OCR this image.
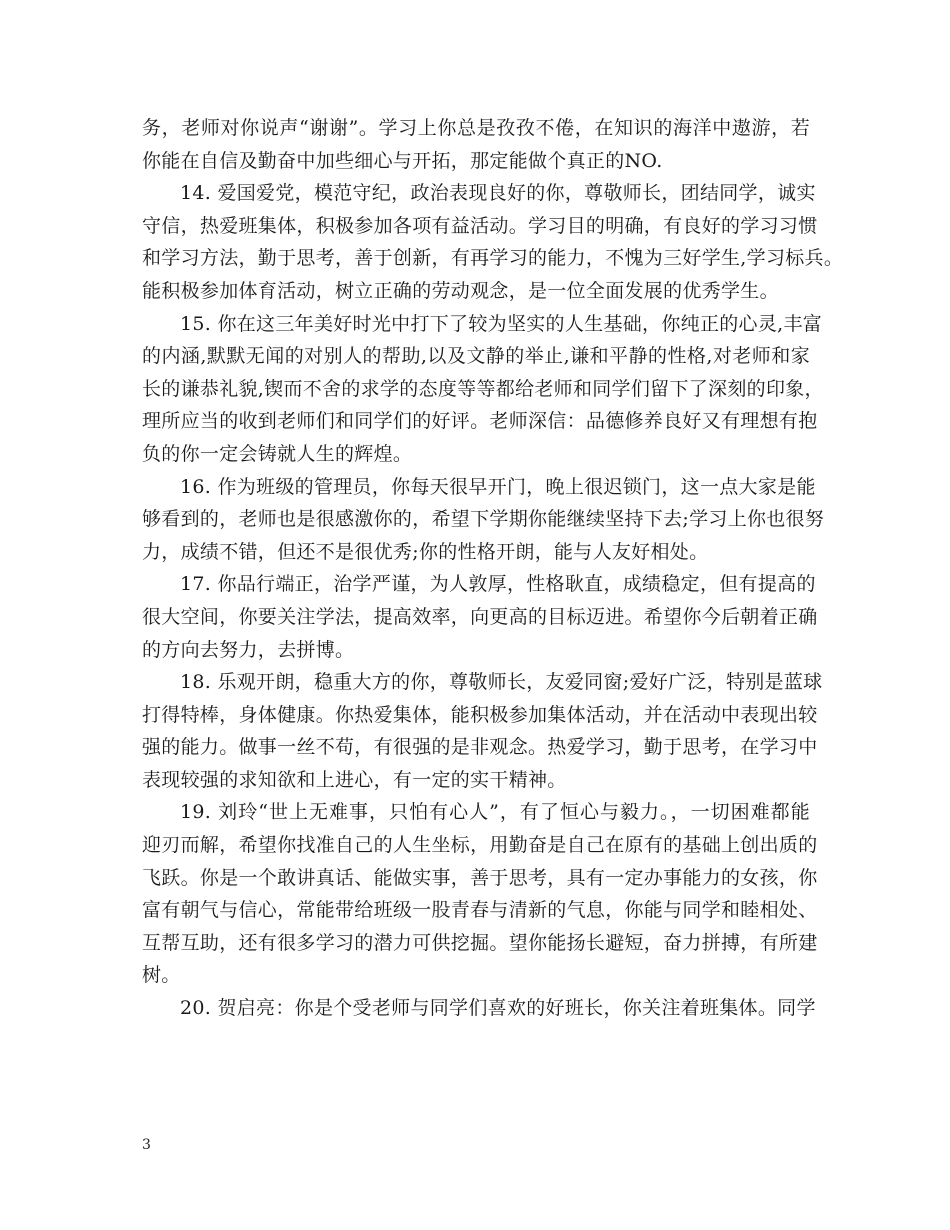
务，老师对你说声“谢谢”。学习上你总是孜孜不倦，在知识的海洋中遨游，若
你能在自信及勤奋中加些细心与开拓，那定能做个真正的NO.

14. 爱国爱党，模范守纪，政治表现良好的你，尊敬师长，团结同学，诚实
守信，热爱班集体，积极参加各项有益活动。学习目的明确，有良好的学习习惯
和学习方法，勤于思考，善于创新，有再学习的能力，不愧为三好学生,学习标兵。
能积极参加体育活动，树立正确的劳动观念，是一位全面发展的优秀学生。

15. 你在这三年美好时光中打下了较为坚实的人生基础，你纯正的心灵,丰富
的内涵,默默无闻的对别人的帮助,以及文静的举止,谦和平静的性格,对老师和家
长的谦恭礼貌,锲而不舍的求学的态度等等都给老师和同学们留下了深刻的印象，
理所应当的收到老师们和同学们的好评。老师深信：品德修养良好又有理想有抱
负的你一定会铸就人生的辉煌。

16. 作为班级的管理员，你每天很早开门，晚上很迟锁门，这一点大家是能
够看到的，老师也是很感激你的，希望下学期你能继续坚持下去;学习上你也很努
力，成绩不错，但还不是很优秀;你的性格开朗，能与人友好相处。

17. 你品行端正，治学严谨，为人敦厚，性格耿直，成绩稳定，但有提高的
很大空间，你要关注学法，提高效率，向更高的目标迈进。希望你今后朝着正确
的方向去努力，去拼博。

18. 乐观开朗，稳重大方的你，尊敬师长，友爱同窗;爱好广泛，特别是蓝球
打得特棒，身体健康。你热爱集体，能积极参加集体活动，并在活动中表现出较
强的能力。做事一丝不苟，有很强的是非观念。热爱学习，勤于思考，在学习中
表现较强的求知欲和上进心，有一定的实干精神。

19. 刘玲“世上无难事，只怕有心人”，有了恒心与毅力。，一切困难都能
迎刃而解，希望你找准自己的人生坐标，用勤奋是自己在原有的基础上创出质的
飞跃。你是一个敢讲真话、能做实事，善于思考，具有一定办事能力的女孩，你
富有朝气与信心，常能带给班级一股青春与清新的气息，你能与同学和睦相处、
互帮互助，还有很多学习的潜力可供挖掘。望你能扬长避短，奋力拼搏，有所建
树。

20. 贺启亮：你是个受老师与同学们喜欢的好班长，你关注着班集体。同学

3
